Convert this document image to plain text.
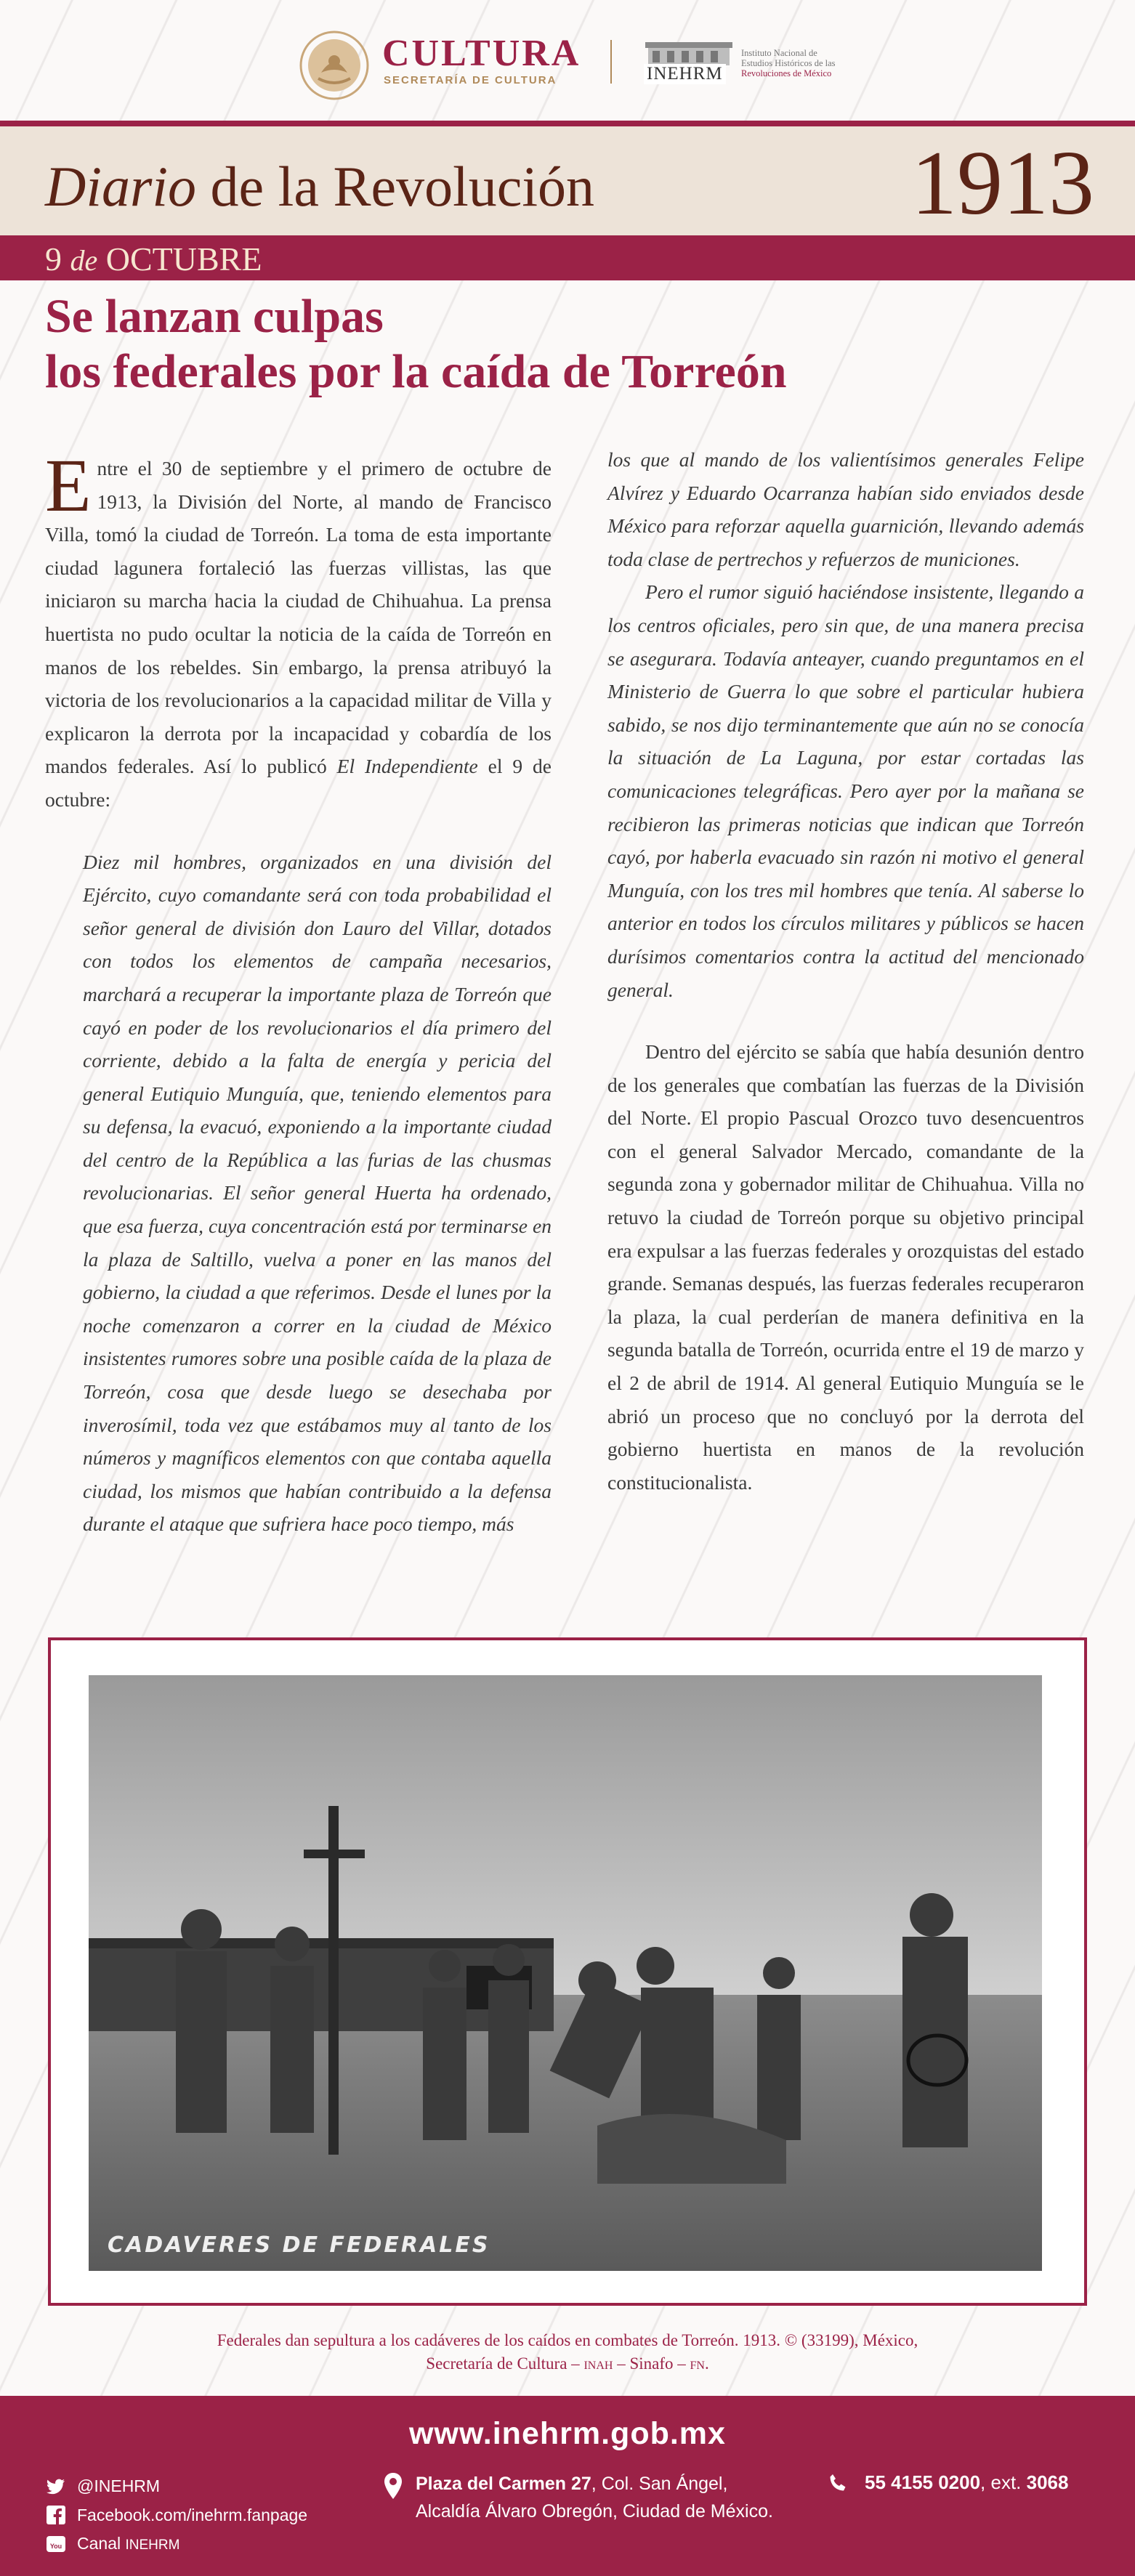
CULTURA
SECRETARÍA DE CULTURA	INEHRM
Instituto Nacional de
Estudios Históricos de las
Revoluciones de México
Diario de la Revolución	1913
9 de OCTUBRE
Se lanzan culpas
los federales por la caída de Torreón

Entre el 30 de septiembre y el primero de octubre de 1913, la División del Norte, al mando de Francisco Villa, tomó la ciudad de Torreón. La toma de esta importante ciudad lagunera fortaleció las fuerzas villistas, las que iniciaron su marcha hacia la ciudad de Chihuahua. La prensa huertista no pudo ocultar la noticia de la caída de Torreón en manos de los rebeldes. Sin embargo, la prensa atribuyó la victoria de los revolucionarios a la capacidad militar de Villa y explicaron la derrota por la incapacidad y cobardía de los mandos federales. Así lo publicó El Independiente el 9 de octubre:

Diez mil hombres, organizados en una división del Ejército, cuyo comandante será con toda probabilidad el señor general de división don Lauro del Villar, dotados con todos los elementos de campaña necesarios, marchará a recuperar la importante plaza de Torreón que cayó en poder de los revolucionarios el día primero del corriente, debido a la falta de energía y pericia del general Eutiquio Munguía, que, teniendo elementos para su defensa, la evacuó, exponiendo a la importante ciudad del centro de la República a las furias de las chusmas revolucionarias. El señor general Huerta ha ordenado, que esa fuerza, cuya concentración está por terminarse en la plaza de Saltillo, vuelva a poner en las manos del gobierno, la ciudad a que referimos. Desde el lunes por la noche comenzaron a correr en la ciudad de México insistentes rumores sobre una posible caída de la plaza de Torreón, cosa que desde luego se desechaba por inverosímil, toda vez que estábamos muy al tanto de los números y magníficos elementos con que contaba aquella ciudad, los mismos que habían contribuido a la defensa durante el ataque que sufriera hace poco tiempo, más

los que al mando de los valientísimos generales Felipe Alvírez y Eduardo Ocarranza habían sido enviados desde México para reforzar aquella guarnición, llevando además toda clase de pertrechos y refuerzos de municiones.

Pero el rumor siguió haciéndose insistente, llegando a los centros oficiales, pero sin que, de una manera precisa se asegurara. Todavía anteayer, cuando preguntamos en el Ministerio de Guerra lo que sobre el particular hubiera sabido, se nos dijo terminantemente que aún no se conocía la situación de La Laguna, por estar cortadas las comunicaciones telegráficas. Pero ayer por la mañana se recibieron las primeras noticias que indican que Torreón cayó, por haberla evacuado sin razón ni motivo el general Munguía, con los tres mil hombres que tenía. Al saberse lo anterior en todos los círculos militares y públicos se hacen durísimos comentarios contra la actitud del mencionado general.

Dentro del ejército se sabía que había desunión dentro de los generales que combatían las fuerzas de la División del Norte. El propio Pascual Orozco tuvo desencuentros con el general Salvador Mercado, comandante de la segunda zona y gobernador militar de Chihuahua. Villa no retuvo la ciudad de Torreón porque su objetivo principal era expulsar a las fuerzas federales y orozquistas del estado grande. Semanas después, las fuerzas federales recuperaron la plaza, la cual perderían de manera definitiva en la segunda batalla de Torreón, ocurrida entre el 19 de marzo y el 2 de abril de 1914. Al general Eutiquio Munguía se le abrió un proceso que no concluyó por la derrota del gobierno huertista en manos de la revolución constitucionalista.

CADAVERES DE FEDERALES
Federales dan sepultura a los cadáveres de los caídos en combates de Torreón. 1913. © (33199), México,
Secretaría de Cultura – inah – Sinafo – fn.
www.inehrm.gob.mx
@INEHRM
Facebook.com/inehrm.fanpage
You Canal INEHRM
Plaza del Carmen 27, Col. San Ángel,
Alcaldía Álvaro Obregón, Ciudad de México.
55 4155 0200, ext. 3068
